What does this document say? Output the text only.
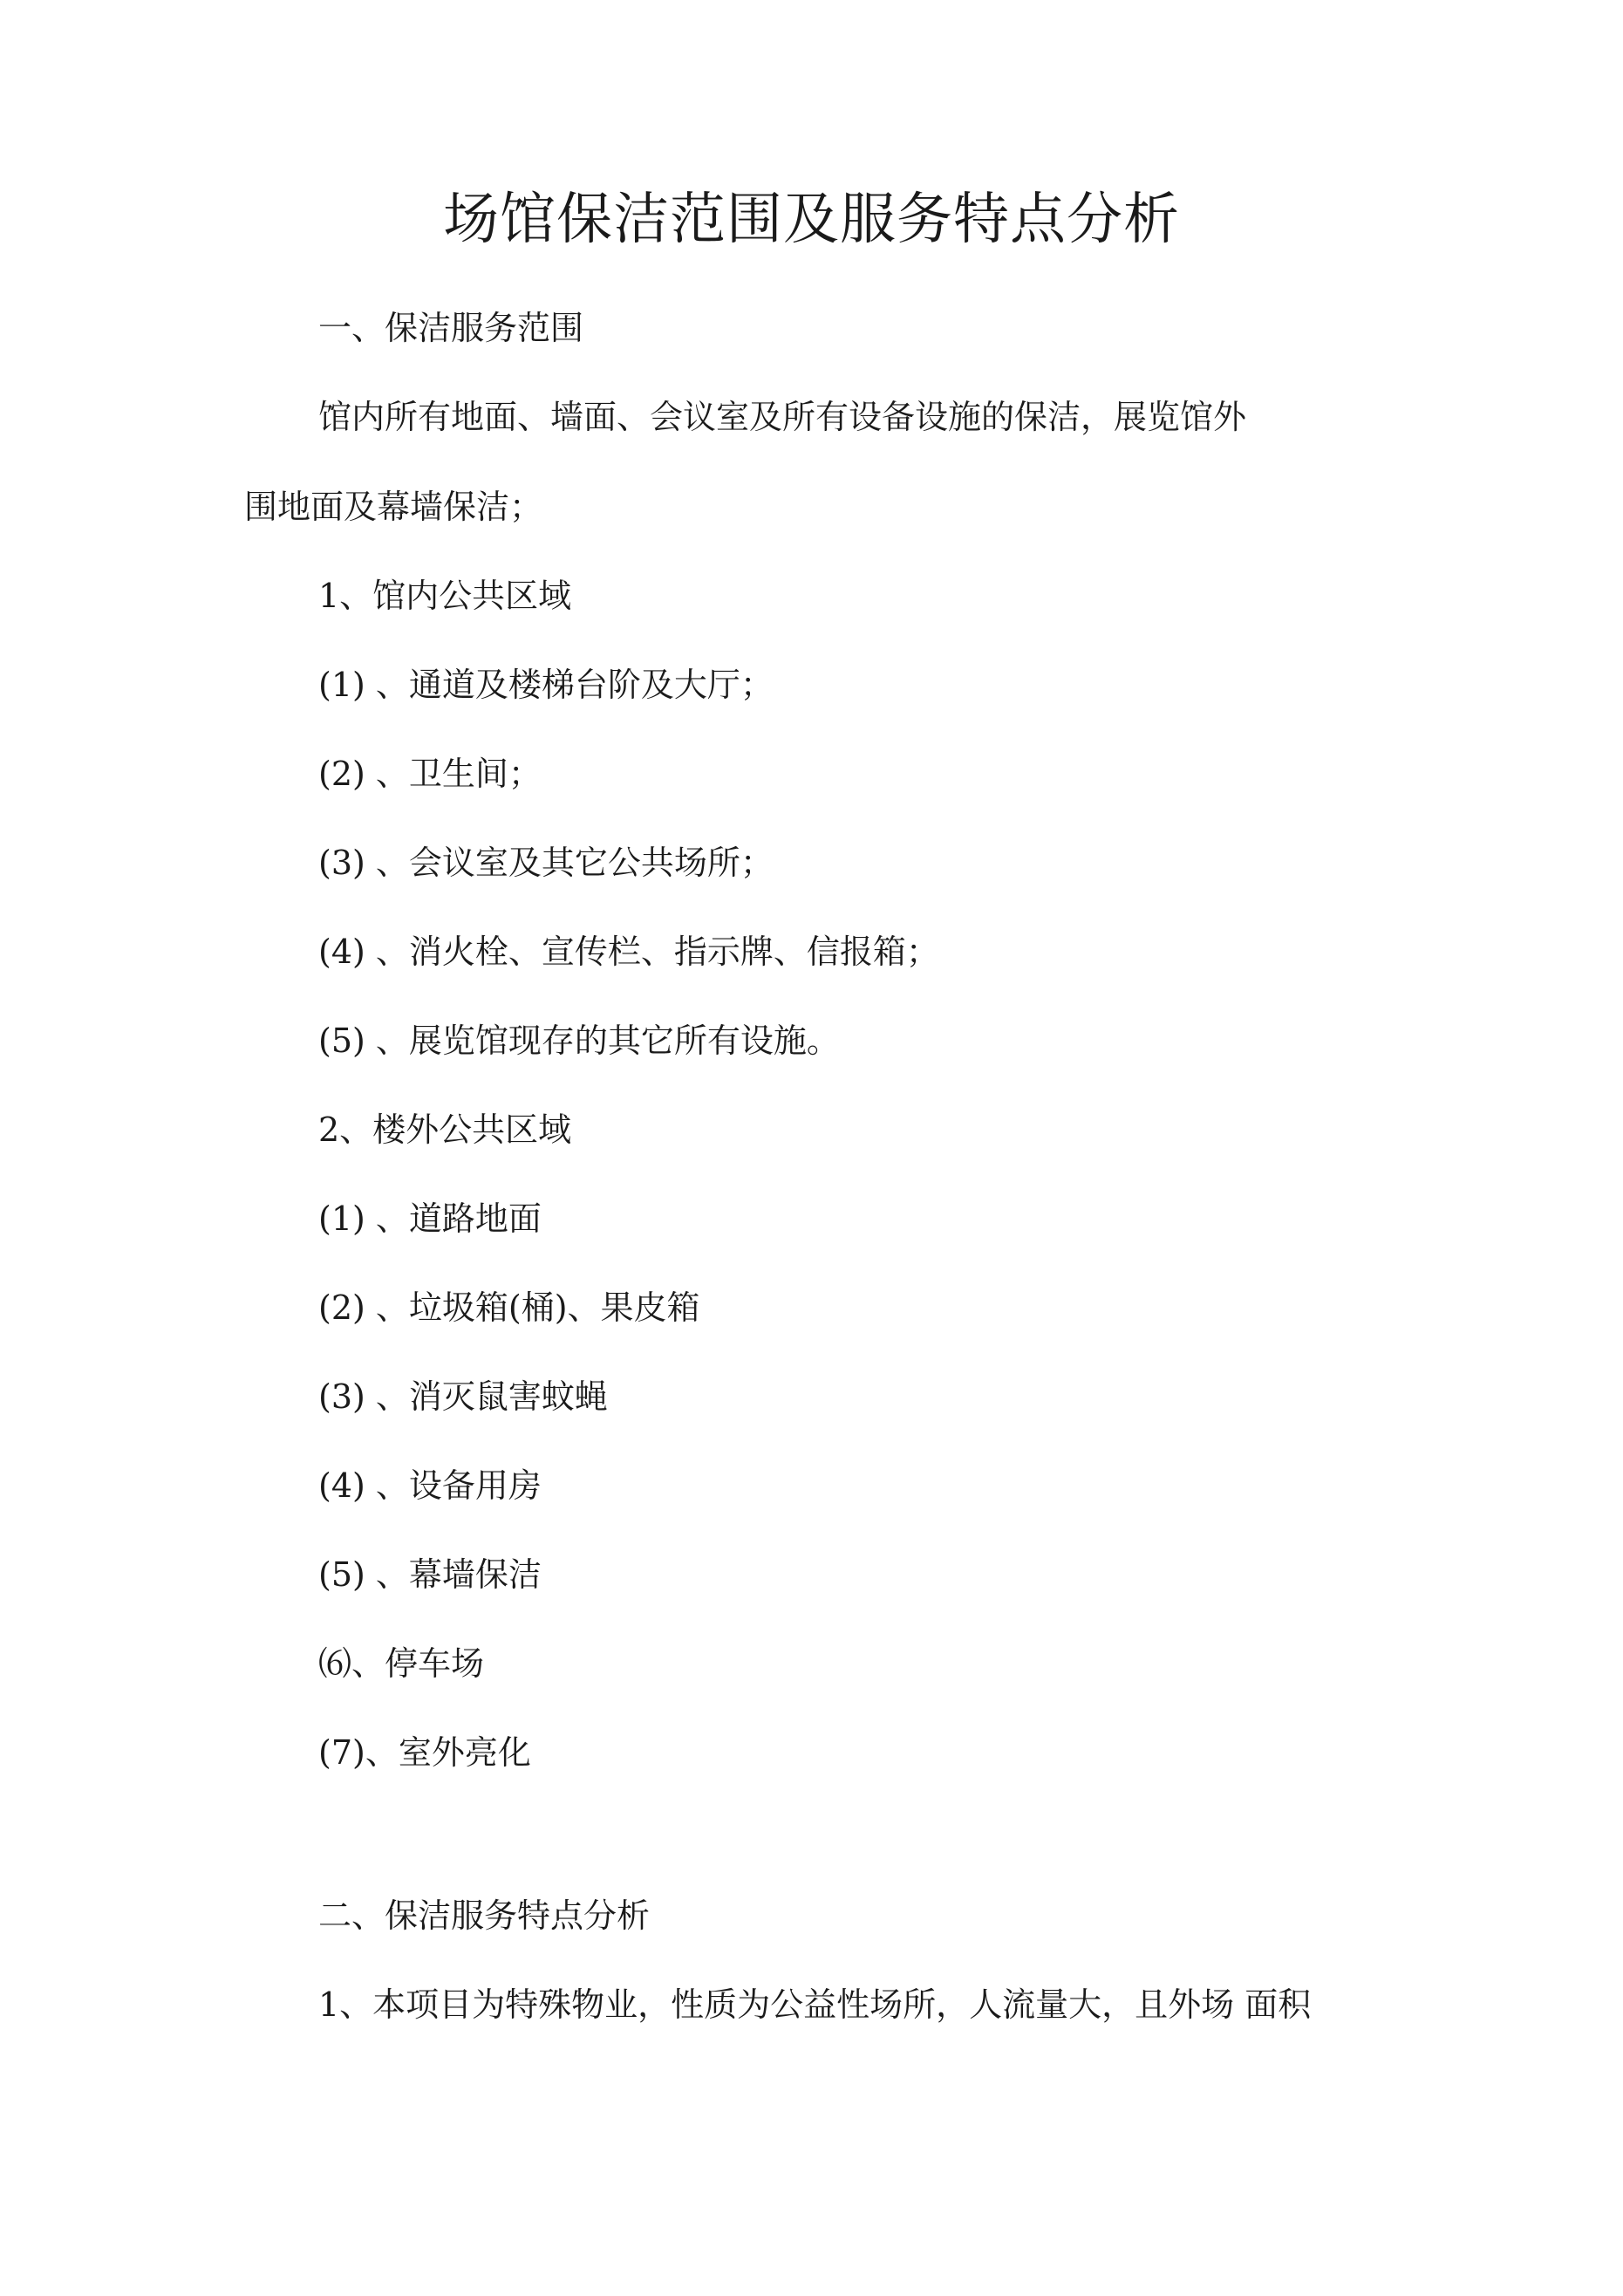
场馆保洁范围及服务特点分析

一、保洁服务范围

馆内所有地面、墙面、会议室及所有设备设施的保洁，展览馆外

围地面及幕墙保洁；

1、馆内公共区域

(1) 、通道及楼梯台阶及大厅；

(2) 、卫生间；

(3) 、会议室及其它公共场所；

(4) 、消火栓、宣传栏、指示牌、信报箱；

(5) 、展览馆现存的其它所有设施。

2、楼外公共区域

(1) 、道路地面

(2) 、垃圾箱(桶)、果皮箱

(3) 、消灭鼠害蚊蝇

(4) 、设备用房

(5) 、幕墙保洁

⑹、停车场

(7)、室外亮化

二、保洁服务特点分析

1、本项目为特殊物业，性质为公益性场所，人流量大，且外场 面积
